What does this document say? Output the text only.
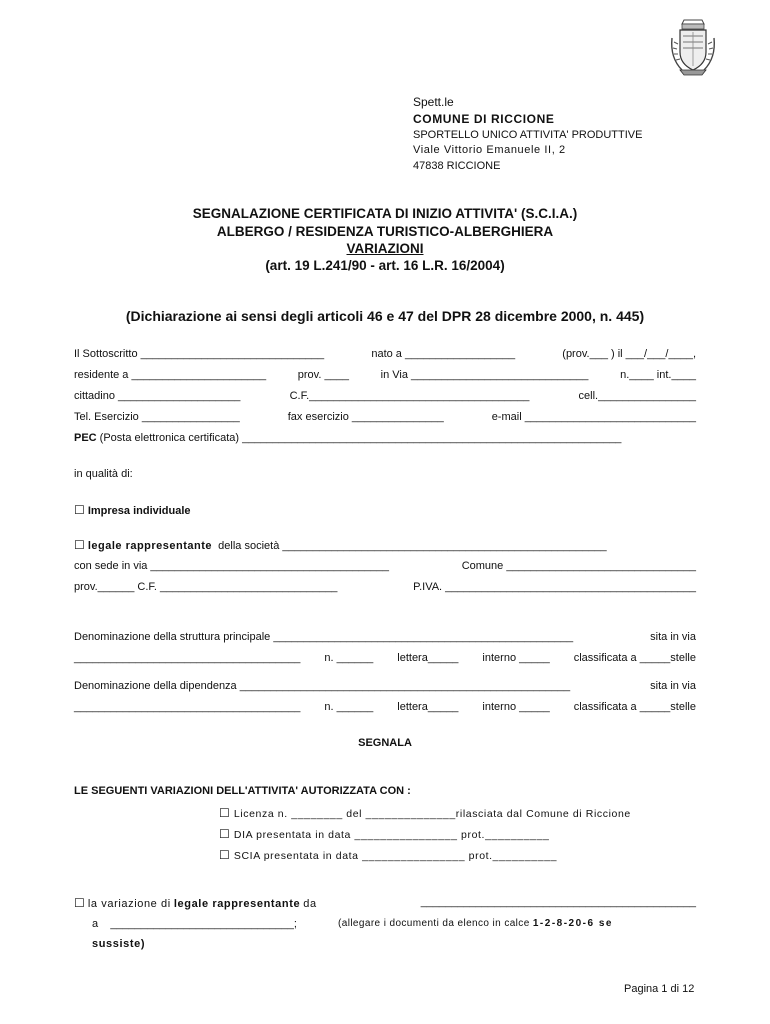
Spett.le
COMUNE DI RICCIONE
SPORTELLO UNICO ATTIVITA' PRODUTTIVE
Viale Vittorio Emanuele II, 2
47838 RICCIONE
SEGNALAZIONE CERTIFICATA DI INIZIO ATTIVITA' (S.C.I.A.)
ALBERGO / RESIDENZA TURISTICO-ALBERGHIERA
VARIAZIONI
(art. 19 L.241/90 - art. 16 L.R. 16/2004)
(Dichiarazione ai sensi degli articoli 46 e 47 del DPR 28 dicembre 2000, n. 445)
Il Sottoscritto ______________________________	nato a __________________	(prov.___ ) il ___/___/____,
residente a ______________________	prov. ____	in Via _____________________________	n.____ int.____
cittadino ____________________	C.F.____________________________________	cell.________________
Tel. Esercizio ________________	fax esercizio _______________	e-mail ____________________________
PEC (Posta elettronica certificata) ______________________________________________________________
in qualità di:
☐ Impresa individuale
☐ legale rappresentante della società _____________________________________________________
con sede in via _______________________________________	Comune _______________________________
prov.______ C.F. _____________________________	P.IVA. _________________________________________
Denominazione della struttura principale _________________________________________________	sita in via
_____________________________________ n. ______ lettera_____ interno _____ classificata a _____stelle
Denominazione della dipendenza ______________________________________________________	sita in via
_____________________________________ n. ______ lettera_____ interno _____ classificata a _____stelle
SEGNALA
LE SEGUENTI VARIAZIONI DELL'ATTIVITA' AUTORIZZATA CON :
☐ Licenza n. ________ del ______________rilasciata dal Comune di Riccione
☐ DIA presentata in data ________________ prot.__________
☐ SCIA presentata in data ________________ prot.__________
☐ la variazione di legale rappresentante da	_____________________________________________
a ______________________________;	(allegare i documenti da elenco in calce 1-2-8-20-6 se
sussiste)
Pagina 1 di 12
